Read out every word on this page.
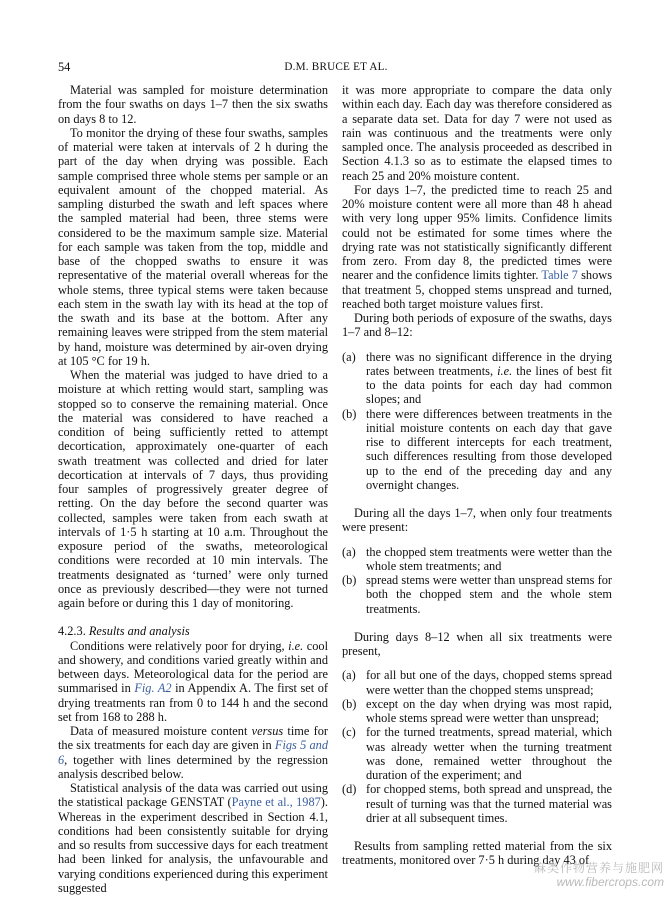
54	D.M. BRUCE ET AL.

Material was sampled for moisture determination from the four swaths on days 1–7 then the six swaths on days 8 to 12.

To monitor the drying of these four swaths, samples of material were taken at intervals of 2 h during the part of the day when drying was possible. Each sample comprised three whole stems per sample or an equivalent amount of the chopped material. As sampling disturbed the swath and left spaces where the sampled material had been, three stems were considered to be the maximum sample size. Material for each sample was taken from the top, middle and base of the chopped swaths to ensure it was representative of the material overall whereas for the whole stems, three typical stems were taken because each stem in the swath lay with its head at the top of the swath and its base at the bottom. After any remaining leaves were stripped from the stem material by hand, moisture was determined by air-oven drying at 105 °C for 19 h.

When the material was judged to have dried to a moisture at which retting would start, sampling was stopped so to conserve the remaining material. Once the material was considered to have reached a condition of being sufficiently retted to attempt decortication, approximately one-quarter of each swath treatment was collected and dried for later decortication at intervals of 7 days, thus providing four samples of progressively greater degree of retting. On the day before the second quarter was collected, samples were taken from each swath at intervals of 1·5 h starting at 10 a.m. Throughout the exposure period of the swaths, meteorological conditions were recorded at 10 min intervals. The treatments designated as ‘turned’ were only turned once as previously described—they were not turned again before or during this 1 day of monitoring.

4.2.3. Results and analysis

Conditions were relatively poor for drying, i.e. cool and showery, and conditions varied greatly within and between days. Meteorological data for the period are summarised in Fig. A2 in Appendix A. The first set of drying treatments ran from 0 to 144 h and the second set from 168 to 288 h.

Data of measured moisture content versus time for the six treatments for each day are given in Figs 5 and 6, together with lines determined by the regression analysis described below.

Statistical analysis of the data was carried out using the statistical package GENSTAT (Payne et al., 1987). Whereas in the experiment described in Section 4.1, conditions had been consistently suitable for drying and so results from successive days for each treatment had been linked for analysis, the unfavourable and varying conditions experienced during this experiment suggested

it was more appropriate to compare the data only within each day. Each day was therefore considered as a separate data set. Data for day 7 were not used as rain was continuous and the treatments were only sampled once. The analysis proceeded as described in Section 4.1.3 so as to estimate the elapsed times to reach 25 and 20% moisture content.

For days 1–7, the predicted time to reach 25 and 20% moisture content were all more than 48 h ahead with very long upper 95% limits. Confidence limits could not be estimated for some times where the drying rate was not statistically significantly different from zero. From day 8, the predicted times were nearer and the confidence limits tighter. Table 7 shows that treatment 5, chopped stems unspread and turned, reached both target moisture values first.

During both periods of exposure of the swaths, days 1–7 and 8–12:

(a) there was no significant difference in the drying rates between treatments, i.e. the lines of best fit to the data points for each day had common slopes; and
(b) there were differences between treatments in the initial moisture contents on each day that gave rise to different intercepts for each treatment, such differences resulting from those developed up to the end of the preceding day and any overnight changes.

During all the days 1–7, when only four treatments were present:

(a) the chopped stem treatments were wetter than the whole stem treatments; and
(b) spread stems were wetter than unspread stems for both the chopped stem and the whole stem treatments.

During days 8–12 when all six treatments were present,

(a) for all but one of the days, chopped stems spread were wetter than the chopped stems unspread;
(b) except on the day when drying was most rapid, whole stems spread were wetter than unspread;
(c) for the turned treatments, spread material, which was already wetter when the turning treatment was done, remained wetter throughout the duration of the experiment; and
(d) for chopped stems, both spread and unspread, the result of turning was that the turned material was drier at all subsequent times.

Results from sampling retted material from the six treatments, monitored over 7·5 h during day 43 of

麻类作物营养与施肥网
www.fibercrops.com
